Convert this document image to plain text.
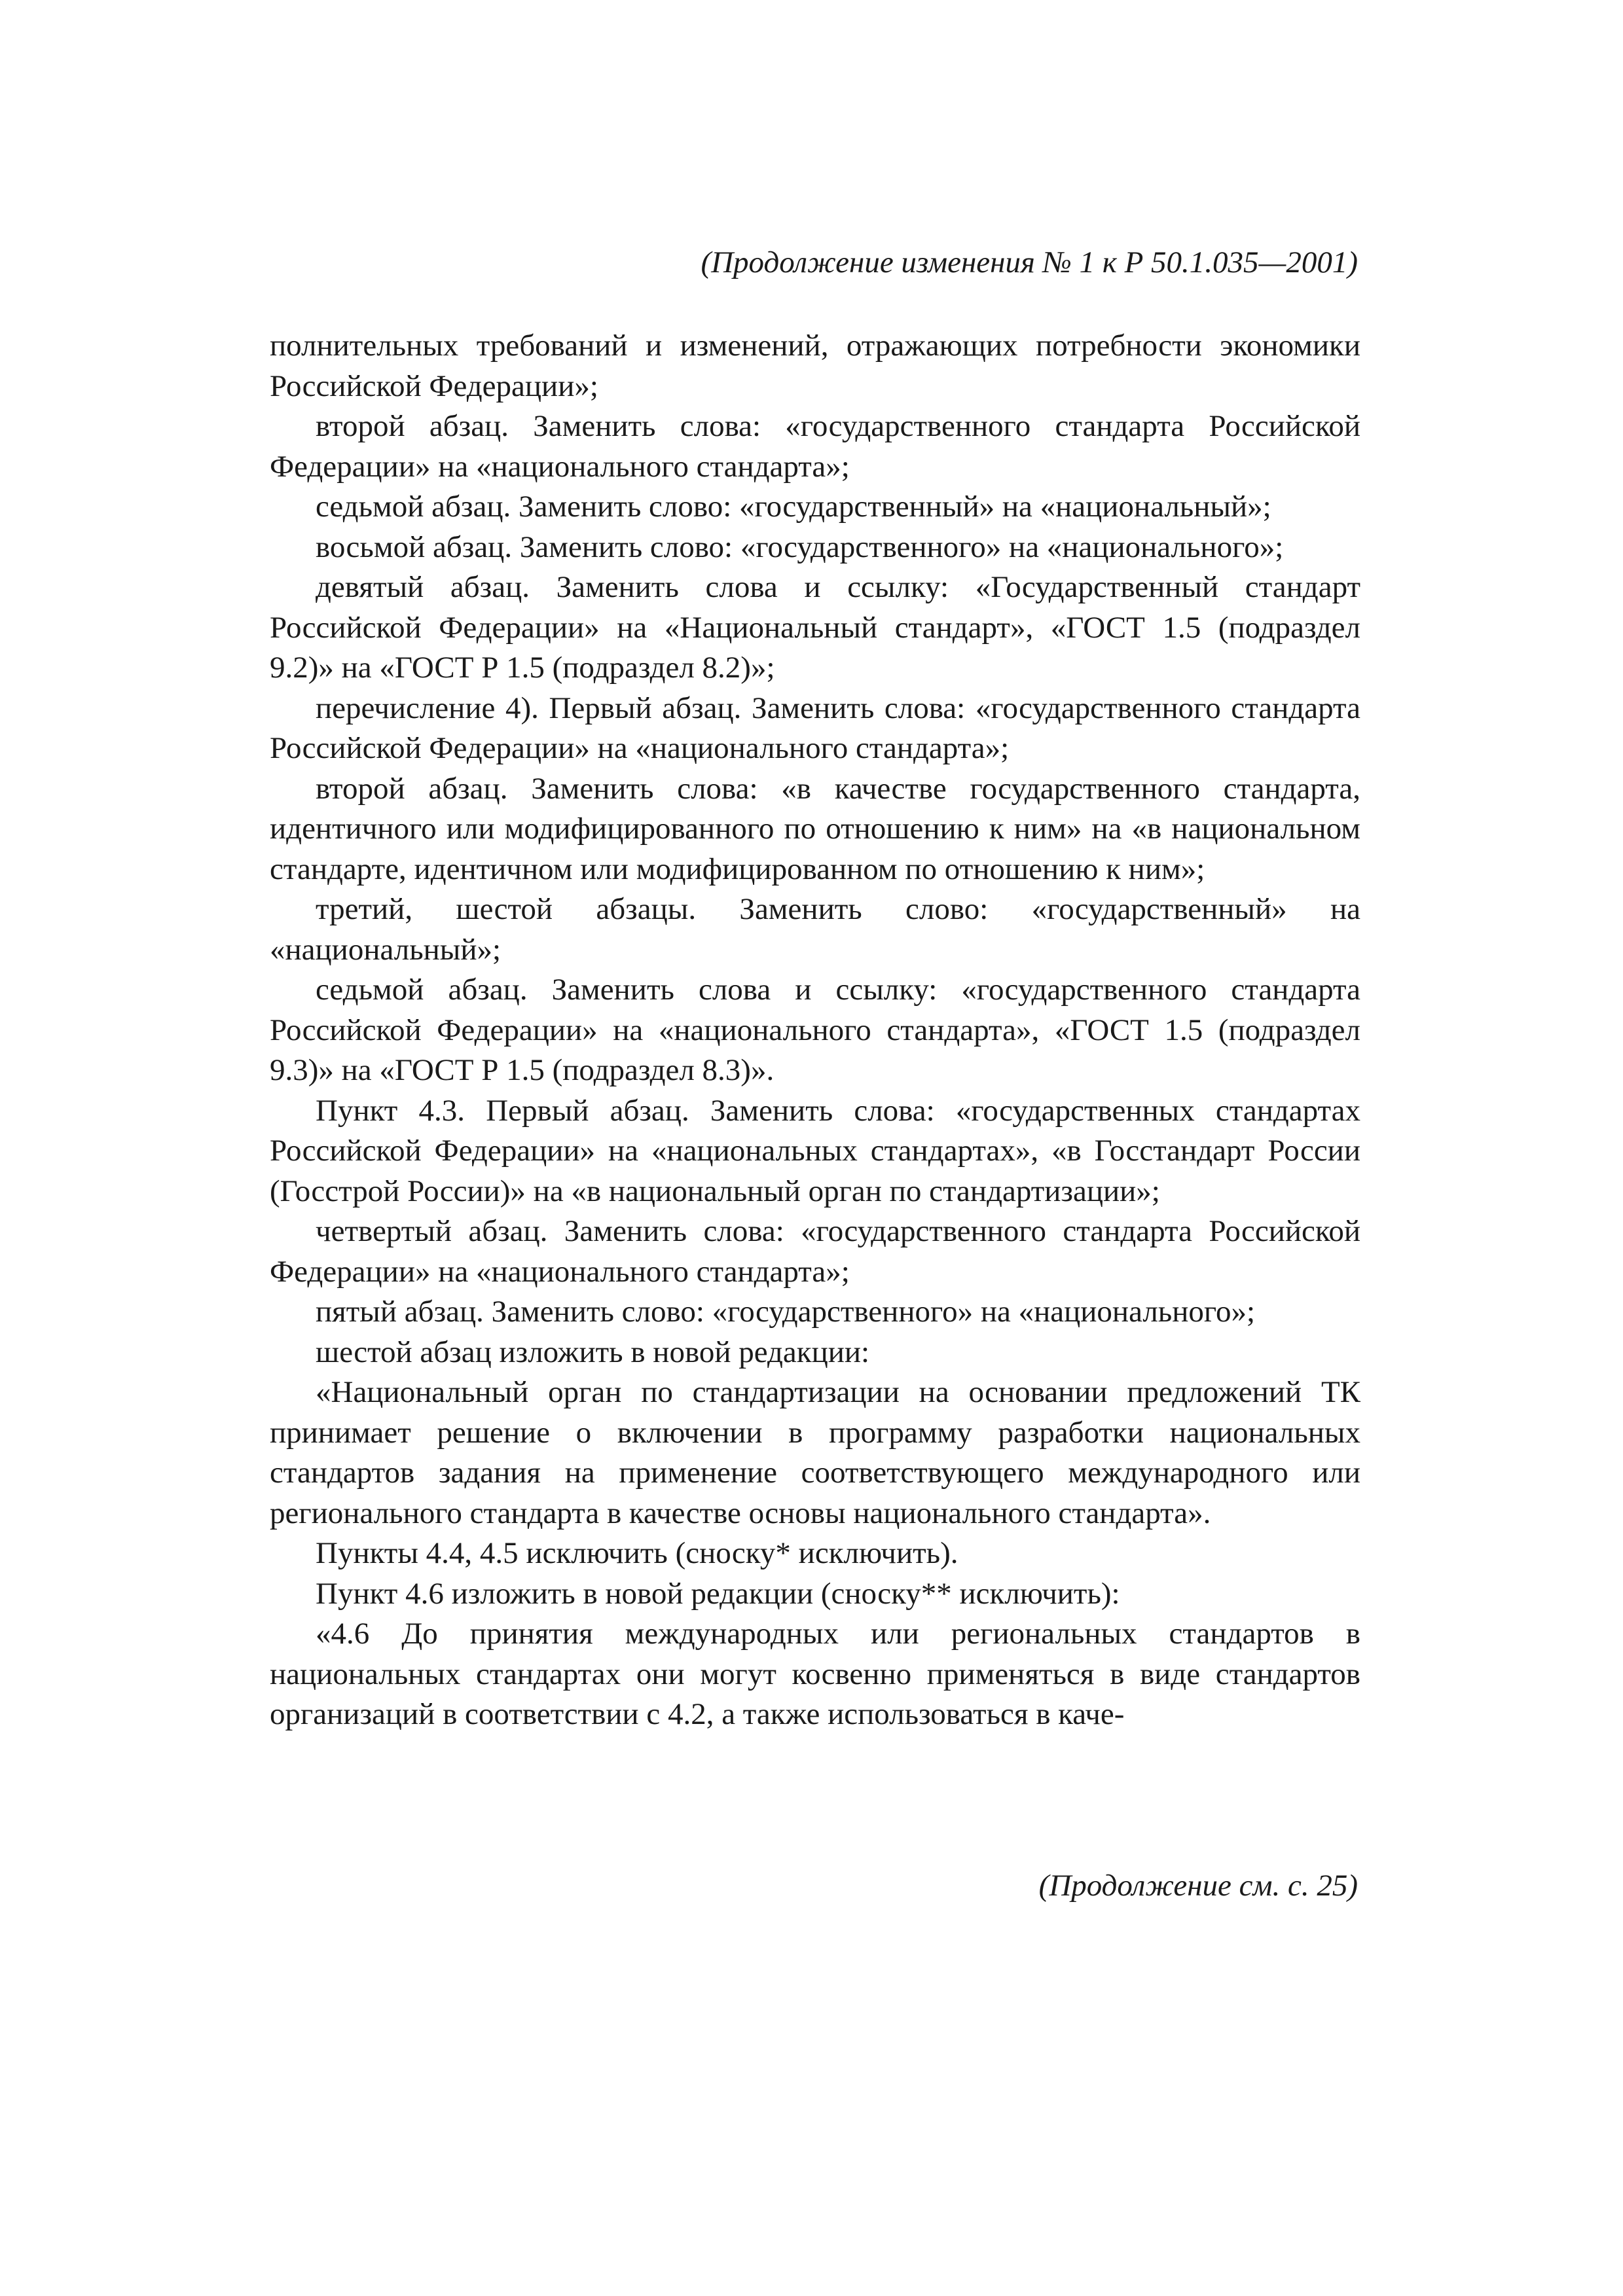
(Продолжение изменения № 1 к Р 50.1.035—2001)

полнительных требований и изменений, отражающих потребности экономики Российской Федерации»;

второй абзац. Заменить слова: «государственного стандарта Российской Федерации» на «национального стандарта»;

седьмой абзац. Заменить слово: «государственный» на «национальный»;

восьмой абзац. Заменить слово: «государственного» на «национального»;

девятый абзац. Заменить слова и ссылку: «Государственный стандарт Российской Федерации» на «Национальный стандарт», «ГОСТ 1.5 (подраздел 9.2)» на «ГОСТ Р 1.5 (подраздел 8.2)»;

перечисление 4). Первый абзац. Заменить слова: «государственного стандарта Российской Федерации» на «национального стандарта»;

второй абзац. Заменить слова: «в качестве государственного стандарта, идентичного или модифицированного по отношению к ним» на «в национальном стандарте, идентичном или модифицированном по отношению к ним»;

третий, шестой абзацы. Заменить слово: «государственный» на «национальный»;

седьмой абзац. Заменить слова и ссылку: «государственного стандарта Российской Федерации» на «национального стандарта», «ГОСТ 1.5 (подраздел 9.3)» на «ГОСТ Р 1.5 (подраздел 8.3)».

Пункт 4.3. Первый абзац. Заменить слова: «государственных стандартах Российской Федерации» на «национальных стандартах», «в Госстандарт России (Госстрой России)» на «в национальный орган по стандартизации»;

четвертый абзац. Заменить слова: «государственного стандарта Российской Федерации» на «национального стандарта»;

пятый абзац. Заменить слово: «государственного» на «национального»;

шестой абзац изложить в новой редакции:

«Национальный орган по стандартизации на основании предложений ТК принимает решение о включении в программу разработки национальных стандартов задания на применение соответствующего международного или регионального стандарта в качестве основы национального стандарта».

Пункты 4.4, 4.5 исключить (сноску* исключить).

Пункт 4.6 изложить в новой редакции (сноску** исключить):

«4.6 До принятия международных или региональных стандартов в национальных стандартах они могут косвенно применяться в виде стандартов организаций в соответствии с 4.2, а также использоваться в каче-

(Продолжение см. с. 25)
